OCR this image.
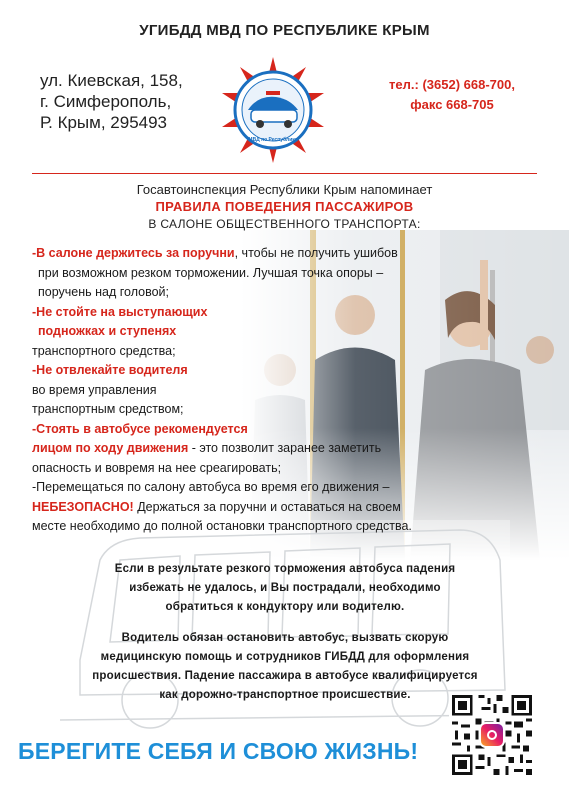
УГИБДД МВД ПО РЕСПУБЛИКЕ КРЫМ
ул. Киевская, 158,
г. Симферополь,
Р. Крым, 295493
МВД по Республике
тел.: (3652) 668-700,
факс 668-705
Госавтоинспекция Республики Крым напоминает
ПРАВИЛА ПОВЕДЕНИЯ ПАССАЖИРОВ
В САЛОНЕ ОБЩЕСТВЕННОГО ТРАНСПОРТА:
-В салоне держитесь за поручни, чтобы не получить ушибов
при возможном резком торможении. Лучшая точка опоры –
поручень над головой;
-Не стойте на выступающих
подножках и ступенях
транспортного средства;
-Не отвлекайте водителя
во время управления
транспортным средством;
-Стоять в автобусе рекомендуется
лицом по ходу движения - это позволит заранее заметить
опасность и вовремя на нее среагировать;
-Перемещаться по салону автобуса во время его движения –
НЕБЕЗОПАСНО! Держаться за поручни и оставаться на своем
месте необходимо до полной остановки транспортного средства.
Если в результате резкого торможения автобуса падения
избежать не удалось, и Вы пострадали, необходимо
обратиться к кондуктору или водителю.
Водитель обязан остановить автобус, вызвать скорую
медицинскую помощь и сотрудников ГИБДД для оформления
происшествия. Падение пассажира в автобусе квалифицируется
как дорожно-транспортное происшествие.
БЕРЕГИТЕ СЕБЯ И СВОЮ ЖИЗНЬ!
